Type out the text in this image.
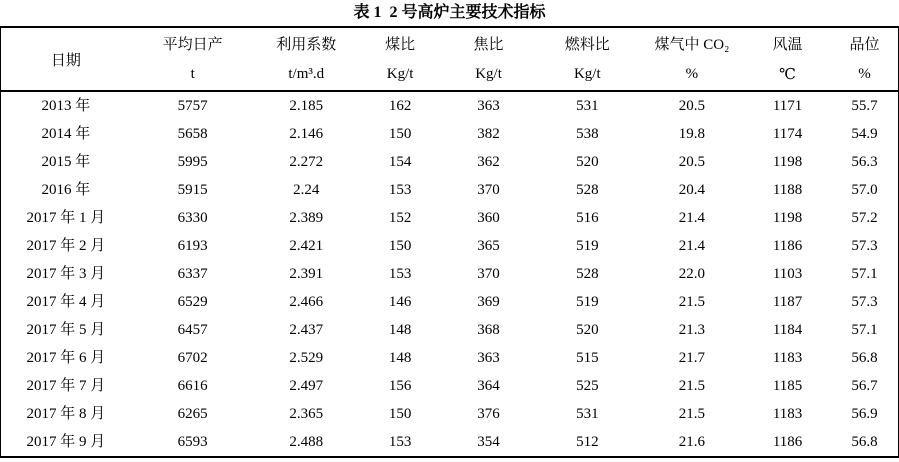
表 1  2 号高炉主要技术指标
日期	平均日产	利用系数	煤比	焦比	燃料比	煤气中 CO₂	风温	品位
	t	t/m³.d	Kg/t	Kg/t	Kg/t	%	℃	%
2013 年	5757	2.185	162	363	531	20.5	1171	55.7
2014 年	5658	2.146	150	382	538	19.8	1174	54.9
2015 年	5995	2.272	154	362	520	20.5	1198	56.3
2016 年	5915	2.24	153	370	528	20.4	1188	57.0
2017 年 1 月	6330	2.389	152	360	516	21.4	1198	57.2
2017 年 2 月	6193	2.421	150	365	519	21.4	1186	57.3
2017 年 3 月	6337	2.391	153	370	528	22.0	1103	57.1
2017 年 4 月	6529	2.466	146	369	519	21.5	1187	57.3
2017 年 5 月	6457	2.437	148	368	520	21.3	1184	57.1
2017 年 6 月	6702	2.529	148	363	515	21.7	1183	56.8
2017 年 7 月	6616	2.497	156	364	525	21.5	1185	56.7
2017 年 8 月	6265	2.365	150	376	531	21.5	1183	56.9
2017 年 9 月	6593	2.488	153	354	512	21.6	1186	56.8
